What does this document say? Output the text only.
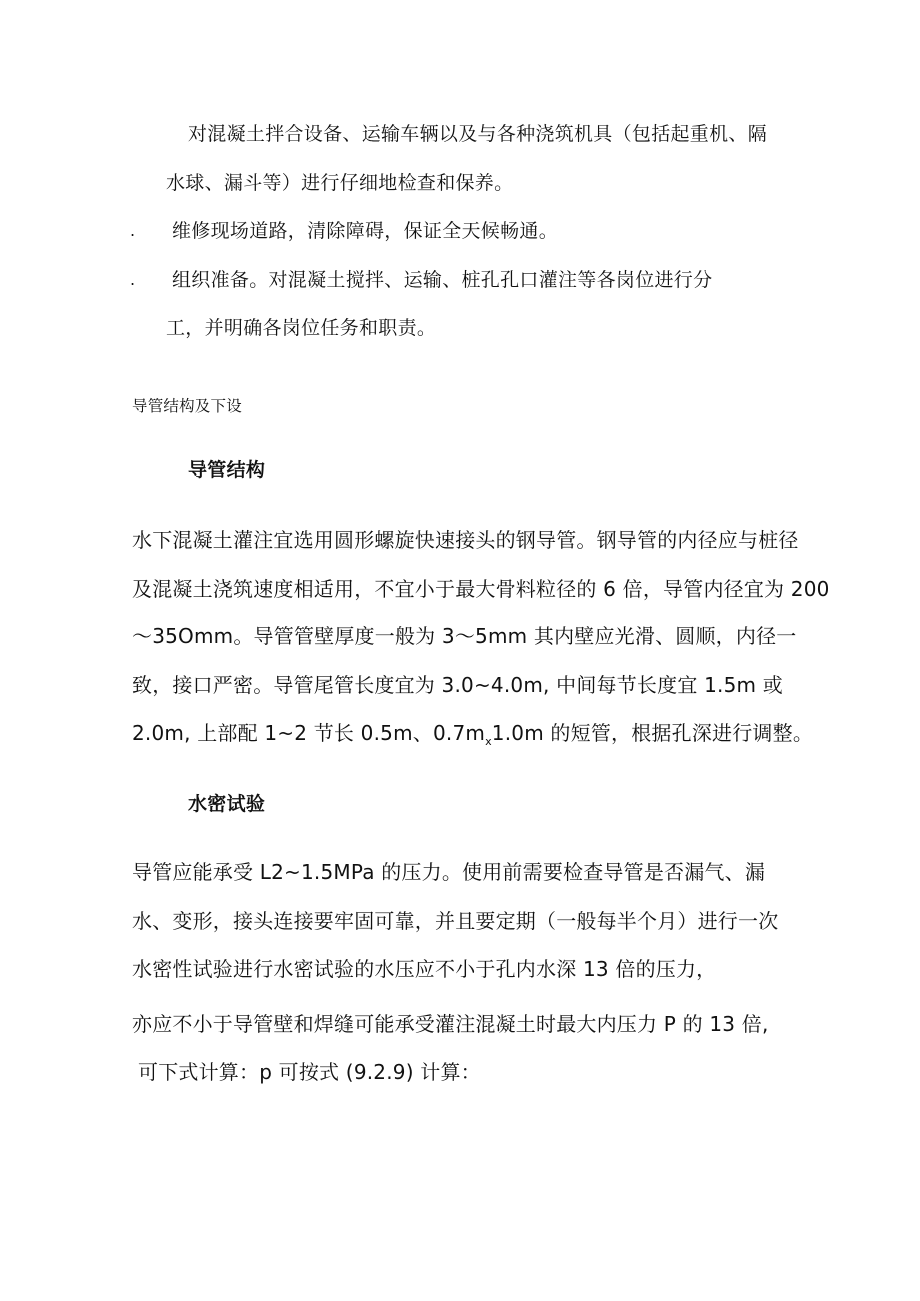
对混凝土拌合设备、运输车辆以及与各种浇筑机具（包括起重机、隔
水球、漏斗等）进行仔细地检查和保养。
. 维修现场道路，清除障碍，保证全天候畅通。
. 组织准备。对混凝土搅拌、运输、桩孔孔口灌注等各岗位进行分
工，并明确各岗位任务和职责。
导管结构及下设
导管结构
水下混凝土灌注宜选用圆形螺旋快速接头的钢导管。钢导管的内径应与桩径
及混凝土浇筑速度相适用，不宜小于最大骨料粒径的 6 倍，导管内径宜为 200
～35Omm。导管管壁厚度一般为 3～5mm 其内壁应光滑、圆顺，内径一
致，接口严密。导管尾管长度宜为 3.0~4.0m, 中间每节长度宜 1.5m 或
2.0m, 上部配 1~2 节长 0.5m、$0.7m_x1.0m$ 的短管，根据孔深进行调整。
水密试验
导管应能承受 L2~1.5MPa 的压力。使用前需要检查导管是否漏气、漏
水、变形，接头连接要牢固可靠，并且要定期（一般每半个月）进行一次
水密性试验进行水密试验的水压应不小于孔内水深 13 倍的压力，
亦应不小于导管壁和焊缝可能承受灌注混凝土时最大内压力 P 的 13 倍,
可下式计算：p 可按式 (9.2.9) 计算：
